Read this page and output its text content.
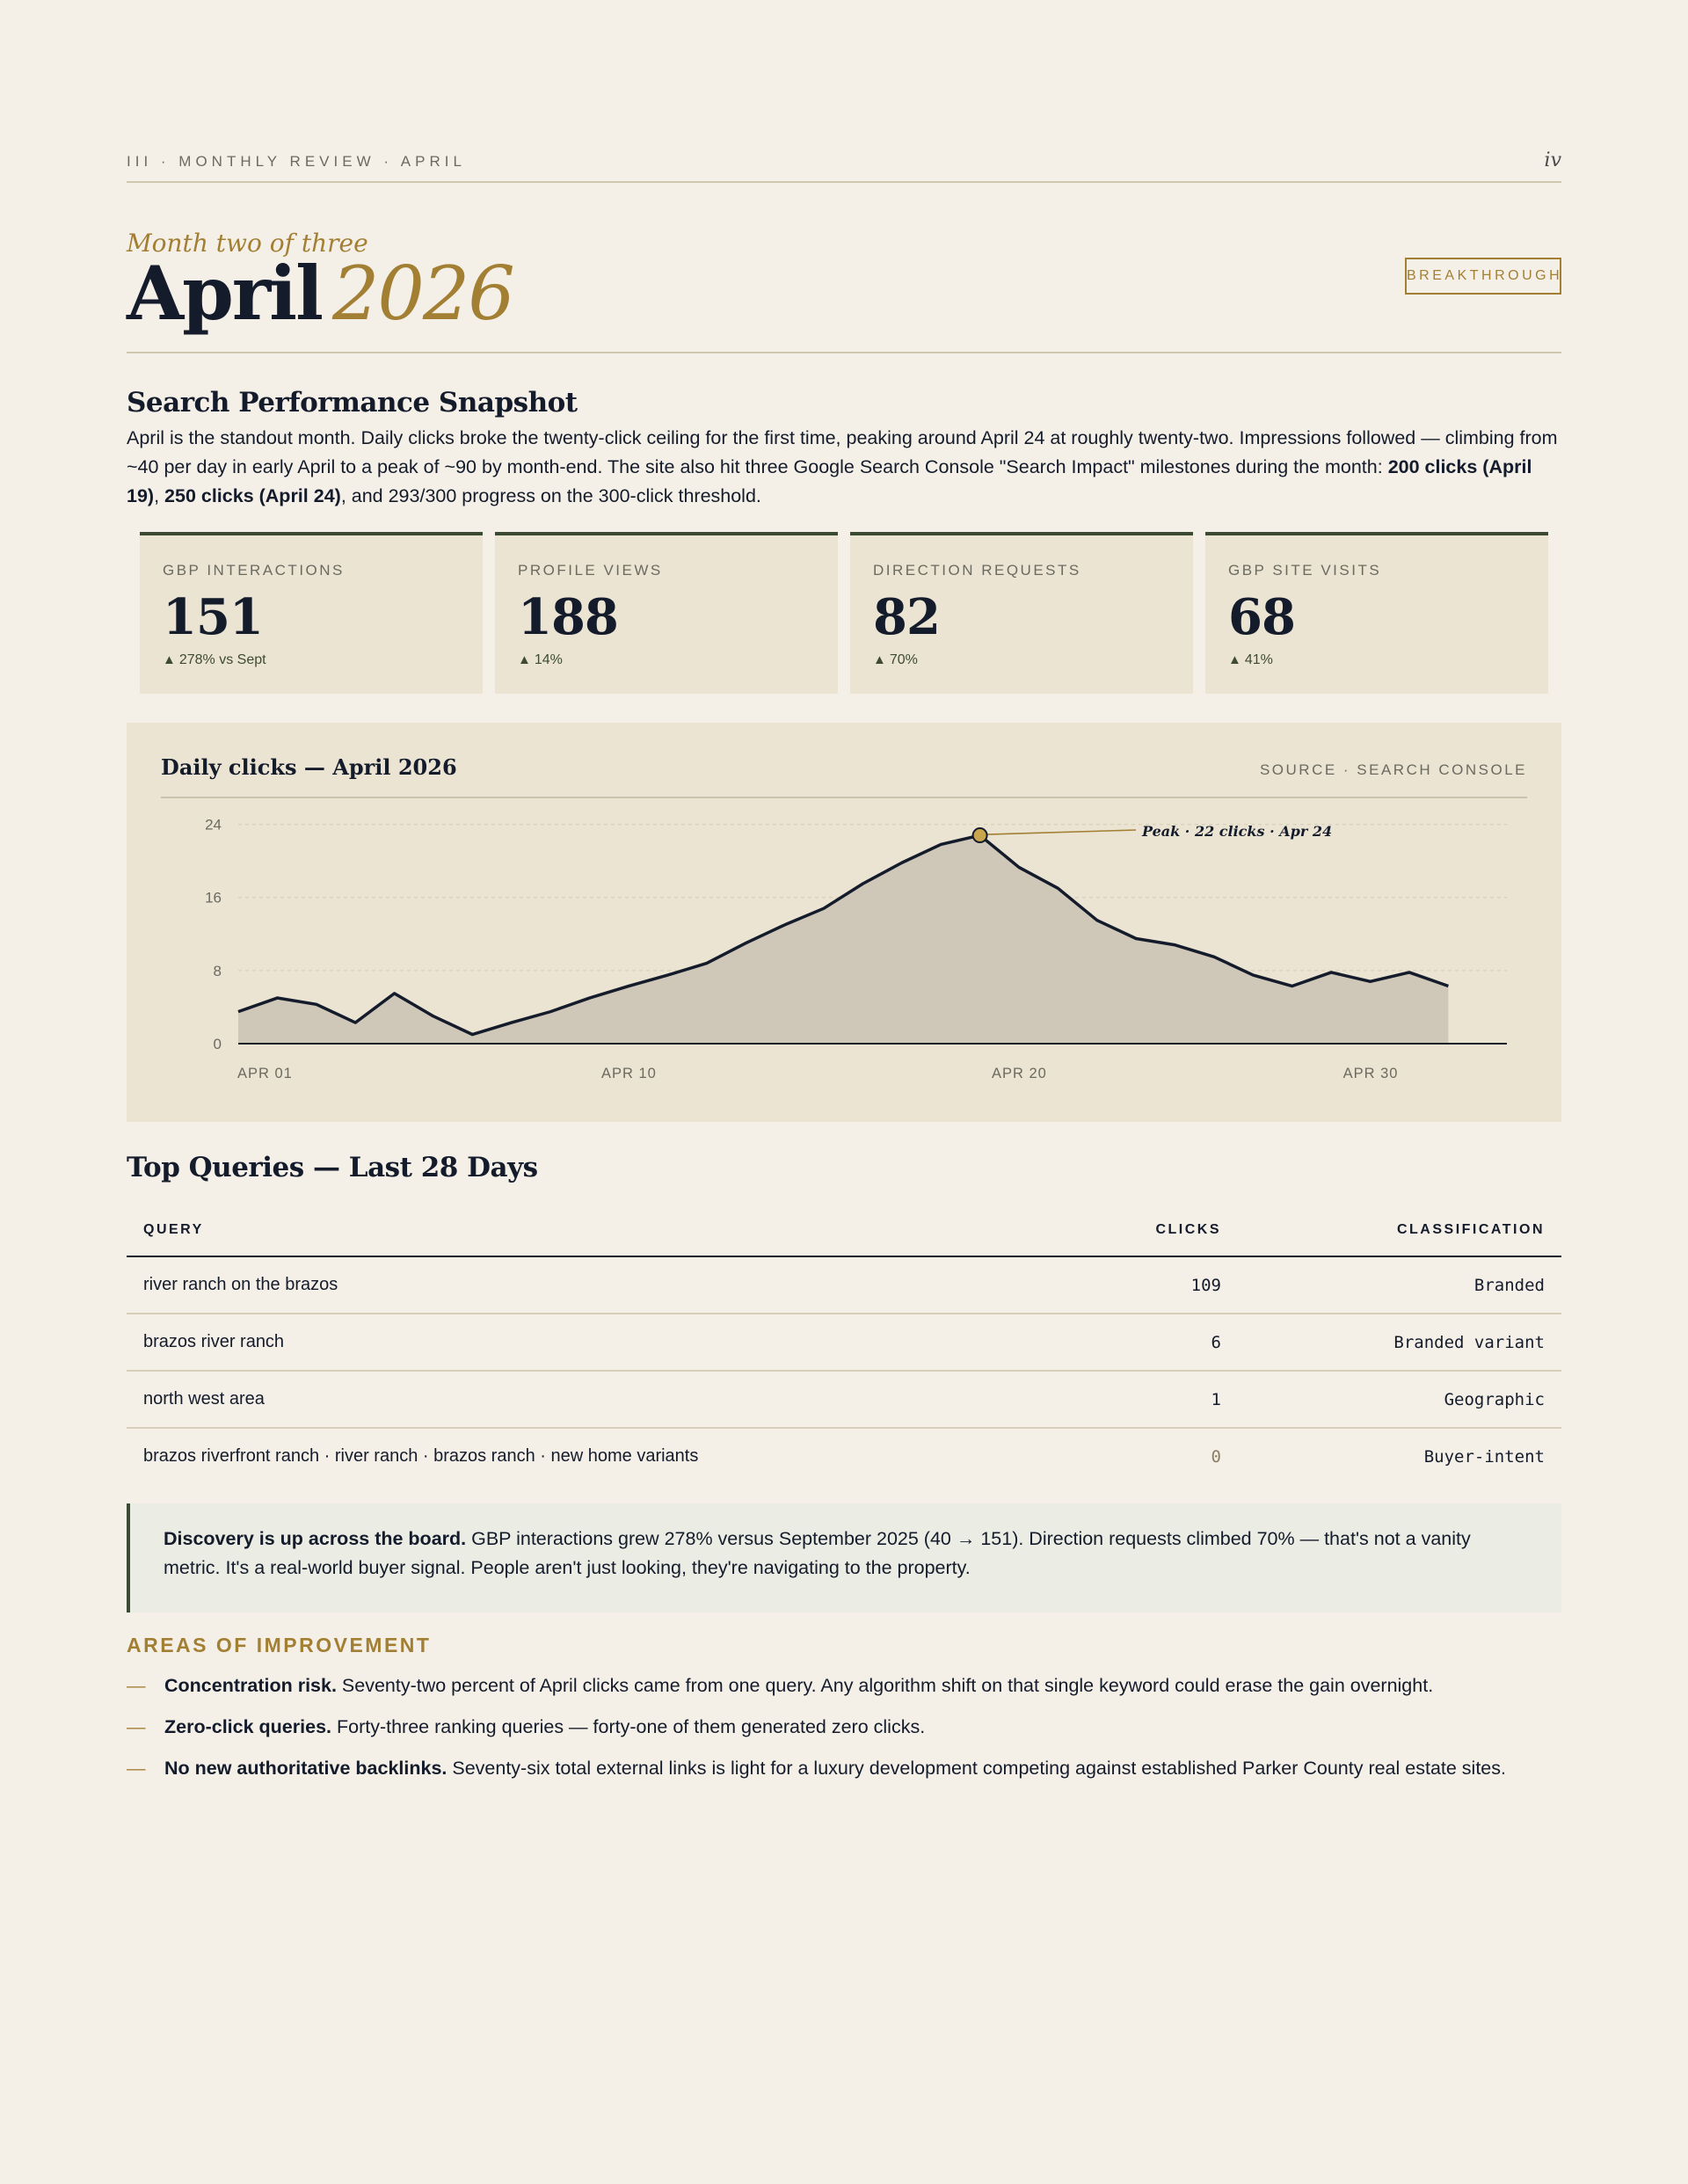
III · MONTHLY REVIEW · APRIL	iv
Month two of three
April 2026	BREAKTHROUGH
Search Performance Snapshot

April is the standout month. Daily clicks broke the twenty-click ceiling for the first time, peaking around April 24 at roughly twenty-two. Impressions followed — climbing from ~40 per day in early April to a peak of ~90 by month-end. The site also hit three Google Search Console "Search Impact" milestones during the month: 200 clicks (April 19), 250 clicks (April 24), and 293/300 progress on the 300-click threshold.

GBP INTERACTIONS
151
▲ 278% vs Sept
PROFILE VIEWS
188
▲ 14%
DIRECTION REQUESTS
82
▲ 70%
GBP SITE VISITS
68
▲ 41%
Daily clicks — April 2026	SOURCE · SEARCH CONSOLE
0
8
16
24
APR 01	APR 10	APR 20	APR 30
Peak · 22 clicks · Apr 24
Top Queries — Last 28 Days
QUERY	CLICKS	CLASSIFICATION
river ranch on the brazos	109	Branded
brazos river ranch	6	Branded variant
north west area	1	Geographic
brazos riverfront ranch · river ranch · brazos ranch · new home variants	0	Buyer-intent
Discovery is up across the board. GBP interactions grew 278% versus September 2025 (40 → 151). Direction requests climbed 70% — that's not a vanity metric. It's a real-world buyer signal. People aren't just looking, they're navigating to the property.
AREAS OF IMPROVEMENT
— Concentration risk. Seventy-two percent of April clicks came from one query. Any algorithm shift on that single keyword could erase the gain overnight.
— Zero-click queries. Forty-three ranking queries — forty-one of them generated zero clicks.
— No new authoritative backlinks. Seventy-six total external links is light for a luxury development competing against established Parker County real estate sites.
